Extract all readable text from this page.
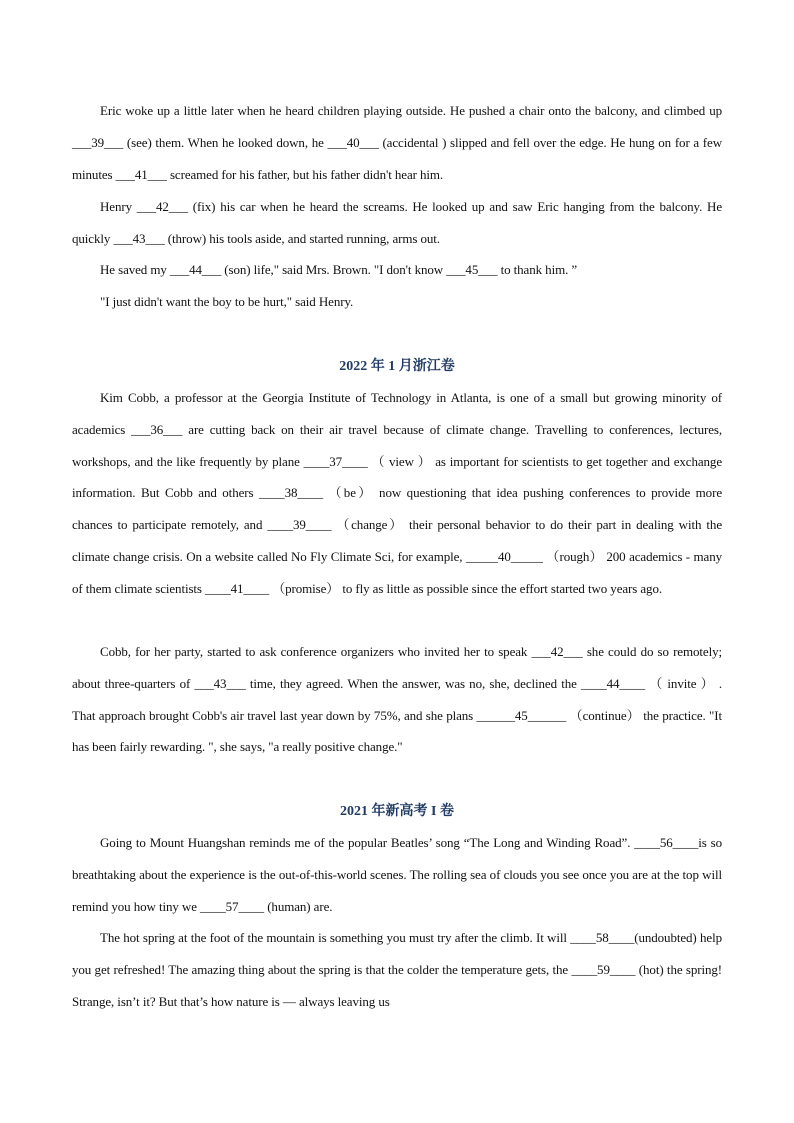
Eric woke up a little later when he heard children playing outside. He pushed a chair onto the balcony, and climbed up ___39___ (see) them. When he looked down, he ___40___ (accidental ) slipped and fell over the edge. He hung on for a few minutes ___41___ screamed for his father, but his father didn't hear him.

Henry ___42___ (fix) his car when he heard the screams. He looked up and saw Eric hanging from the balcony. He quickly ___43___ (throw) his tools aside, and started running, arms out.

He saved my ___44___ (son) life," said Mrs. Brown. "I don't know ___45___ to thank him. ”

"I just didn't want the boy to be hurt," said Henry.

2022 年 1 月浙江卷

Kim Cobb, a professor at the Georgia Institute of Technology in Atlanta, is one of a small but growing minority of academics ___36___ are cutting back on their air travel because of climate change. Travelling to conferences, lectures, workshops, and the like frequently by plane ____37____ （ view ） as important for scientists to get together and exchange information. But Cobb and others ____38____ （be） now questioning that idea pushing conferences to provide more chances to participate remotely, and ____39____ （change） their personal behavior to do their part in dealing with the climate change crisis. On a website called No Fly Climate Sci, for example, _____40_____ （rough） 200 academics - many of them climate scientists ____41____ （promise） to fly as little as possible since the effort started two years ago.

Cobb, for her party, started to ask conference organizers who invited her to speak ___42___ she could do so remotely; about three-quarters of ___43___ time, they agreed. When the answer, was no, she, declined the ____44____ （ invite ） . That approach brought Cobb's air travel last year down by 75%, and she plans ______45______ （continue） the practice. "It has been fairly rewarding. ", she says, "a really positive change."

2021 年新高考 I 卷

Going to Mount Huangshan reminds me of the popular Beatles’ song “The Long and Winding Road”. ____56____is so breathtaking about the experience is the out-of-this-world scenes. The rolling sea of clouds you see once you are at the top will remind you how tiny we ____57____ (human) are.

The hot spring at the foot of the mountain is something you must try after the climb. It will ____58____(undoubted) help you get refreshed! The amazing thing about the spring is that the colder the temperature gets, the ____59____ (hot) the spring! Strange, isn’t it? But that’s how nature is — always leaving us
